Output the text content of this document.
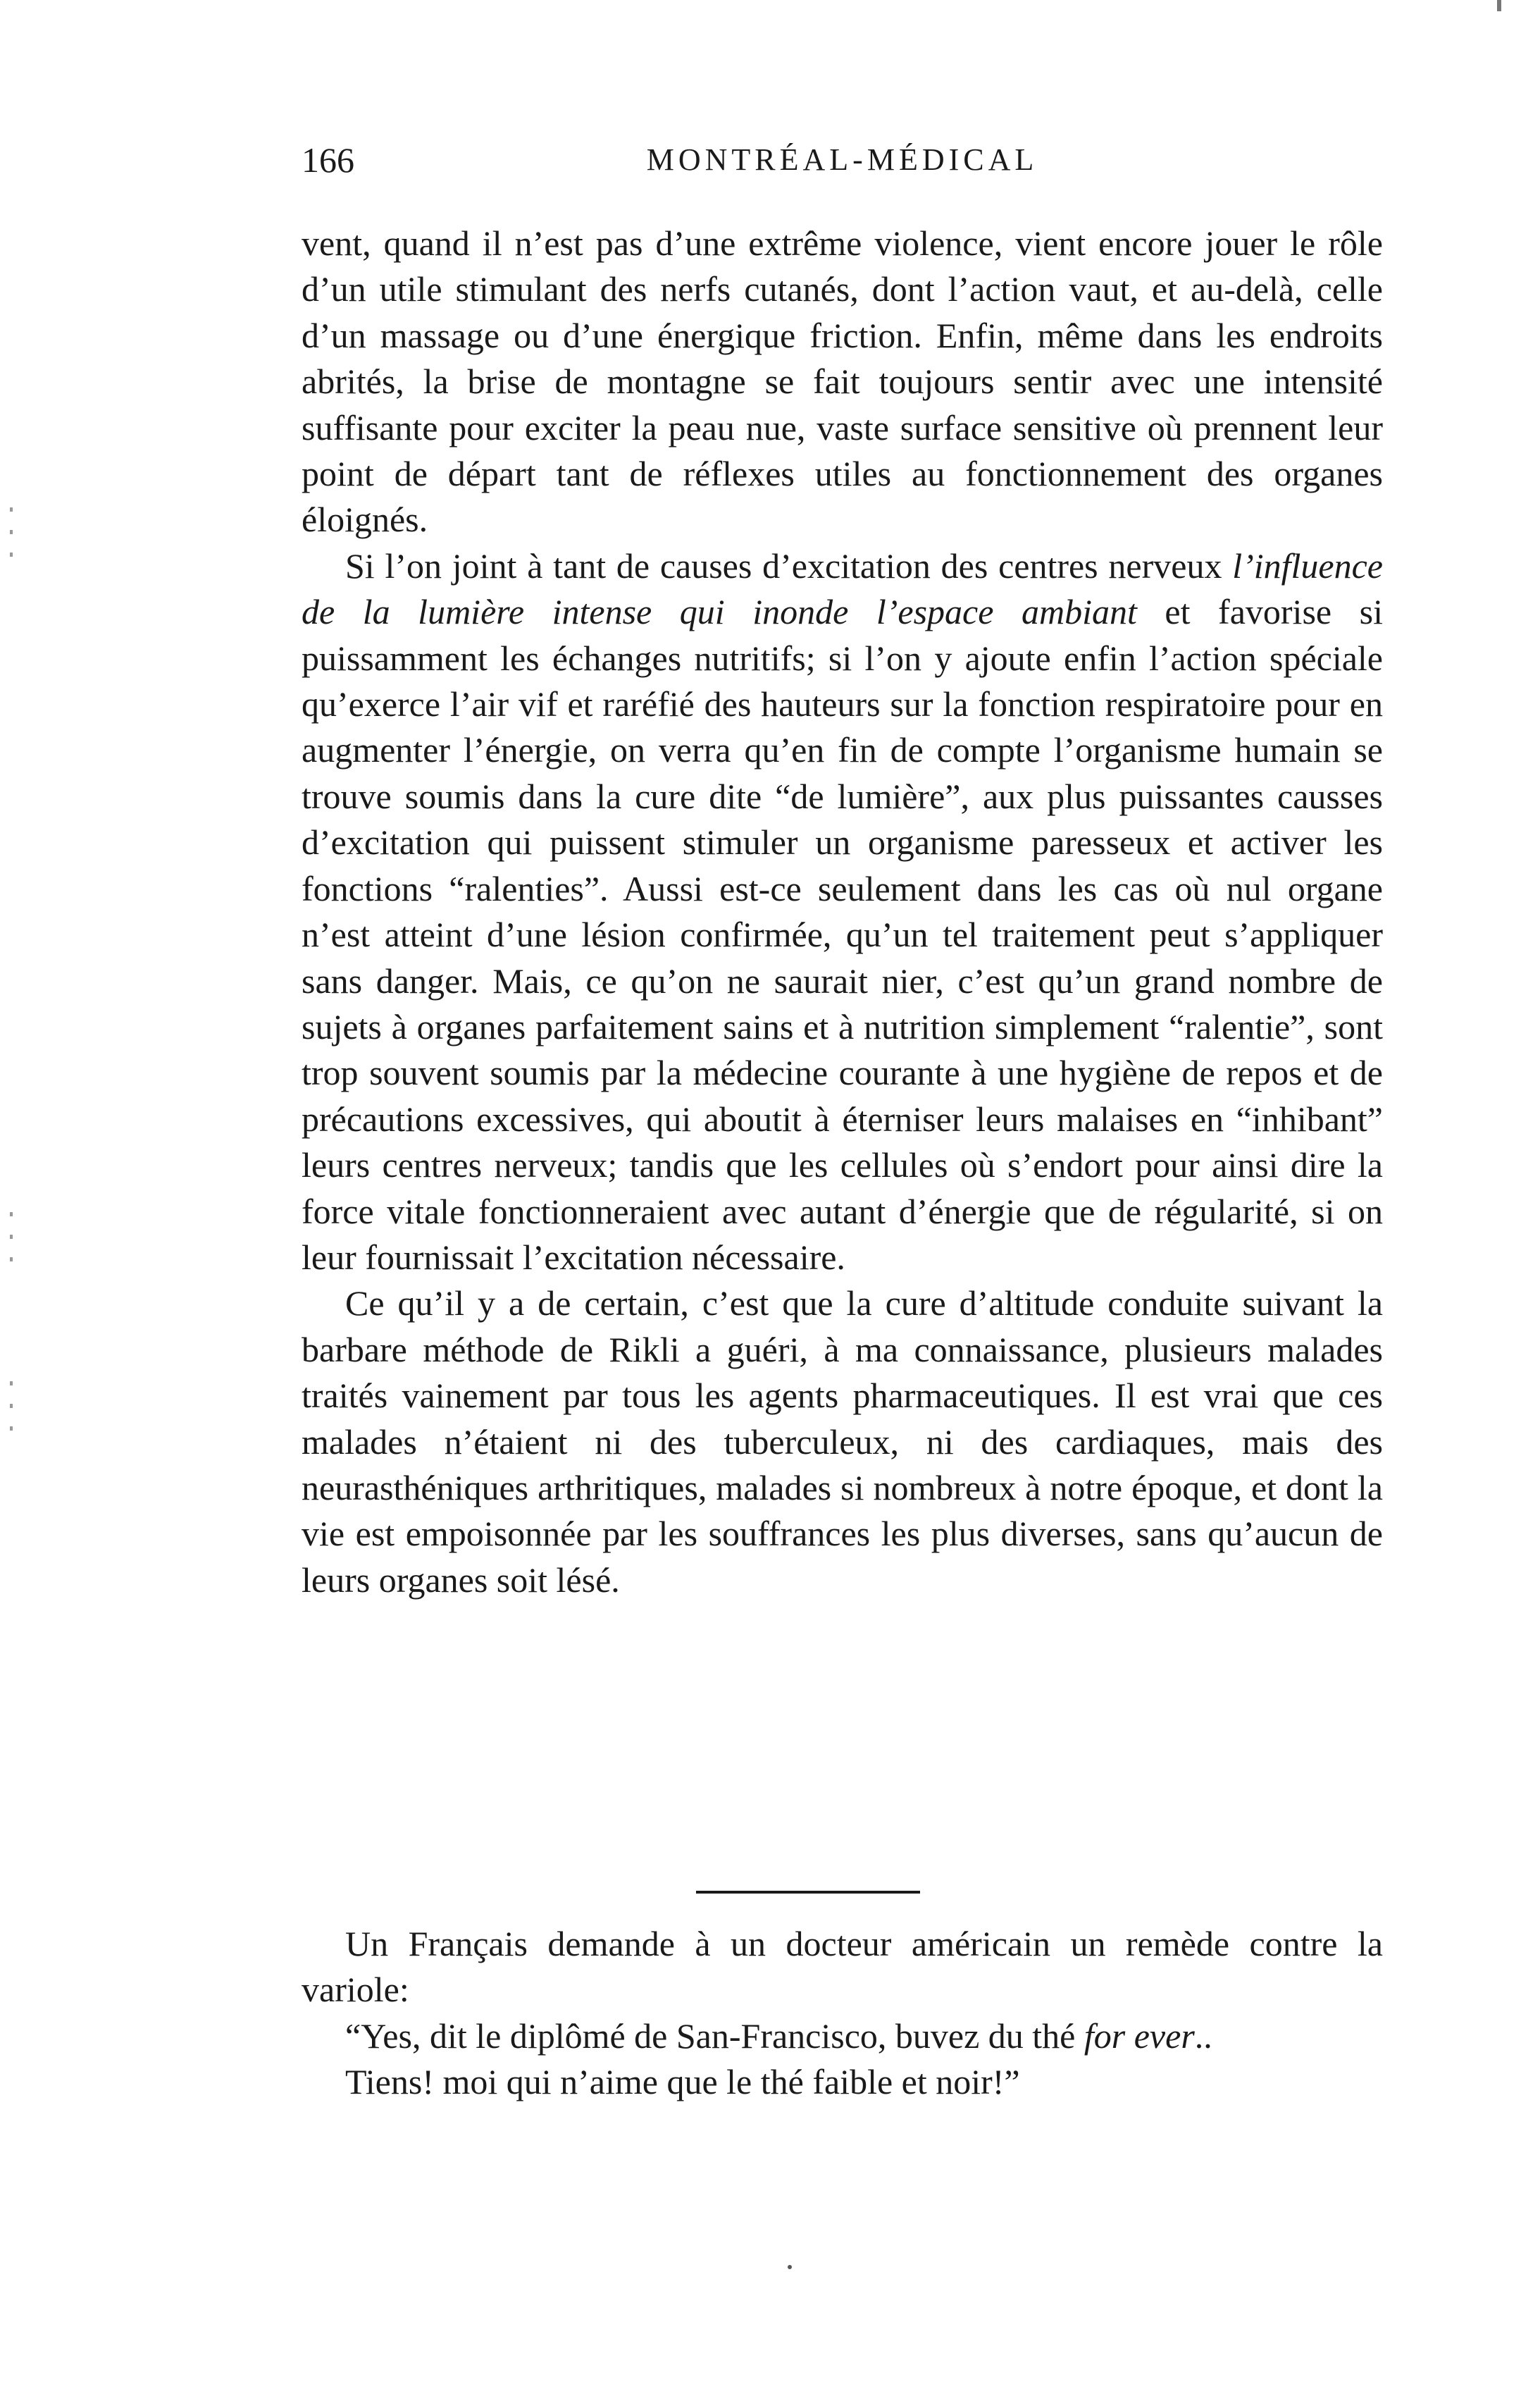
166	MONTRÉAL-MÉDICAL

vent, quand il n’est pas d’une extrême violence, vient encore jouer le rôle d’un utile stimulant des nerfs cutanés, dont l’action vaut, et au-delà, celle d’un massage ou d’une énergique friction. Enfin, même dans les endroits abrités, la brise de montagne se fait toujours sentir avec une intensité suffisante pour exciter la peau nue, vaste surface sensitive où prennent leur point de départ tant de réflexes utiles au fonctionnement des organes éloignés.

Si l’on joint à tant de causes d’excitation des centres nerveux l’influence de la lumière intense qui inonde l’espace ambiant et favorise si puissamment les échanges nutritifs; si l’on y ajoute enfin l’action spéciale qu’exerce l’air vif et raréfié des hauteurs sur la fonction respiratoire pour en augmenter l’énergie, on verra qu’en fin de compte l’organisme humain se trouve soumis dans la cure dite “de lumière”, aux plus puissantes causses d’excitation qui puissent stimuler un organisme paresseux et activer les fonctions “ralenties”. Aussi est-ce seulement dans les cas où nul organe n’est atteint d’une lésion confirmée, qu’un tel traitement peut s’appliquer sans danger. Mais, ce qu’on ne saurait nier, c’est qu’un grand nombre de sujets à organes parfaitement sains et à nutrition simplement “ralentie”, sont trop souvent soumis par la médecine courante à une hygiène de repos et de précautions excessives, qui aboutit à éterniser leurs malaises en “inhibant” leurs centres nerveux; tandis que les cellules où s’endort pour ainsi dire la force vitale fonctionneraient avec autant d’énergie que de régularité, si on leur fournissait l’excitation nécessaire.

Ce qu’il y a de certain, c’est que la cure d’altitude conduite suivant la barbare méthode de Rikli a guéri, à ma connaissance, plusieurs malades traités vainement par tous les agents pharmaceutiques. Il est vrai que ces malades n’étaient ni des tuberculeux, ni des cardiaques, mais des neurasthéniques arthritiques, malades si nombreux à notre époque, et dont la vie est empoisonnée par les souffrances les plus diverses, sans qu’aucun de leurs organes soit lésé.

Un Français demande à un docteur américain un remède contre la variole:

“Yes, dit le diplômé de San-Francisco, buvez du thé for ever..

Tiens! moi qui n’aime que le thé faible et noir!”
